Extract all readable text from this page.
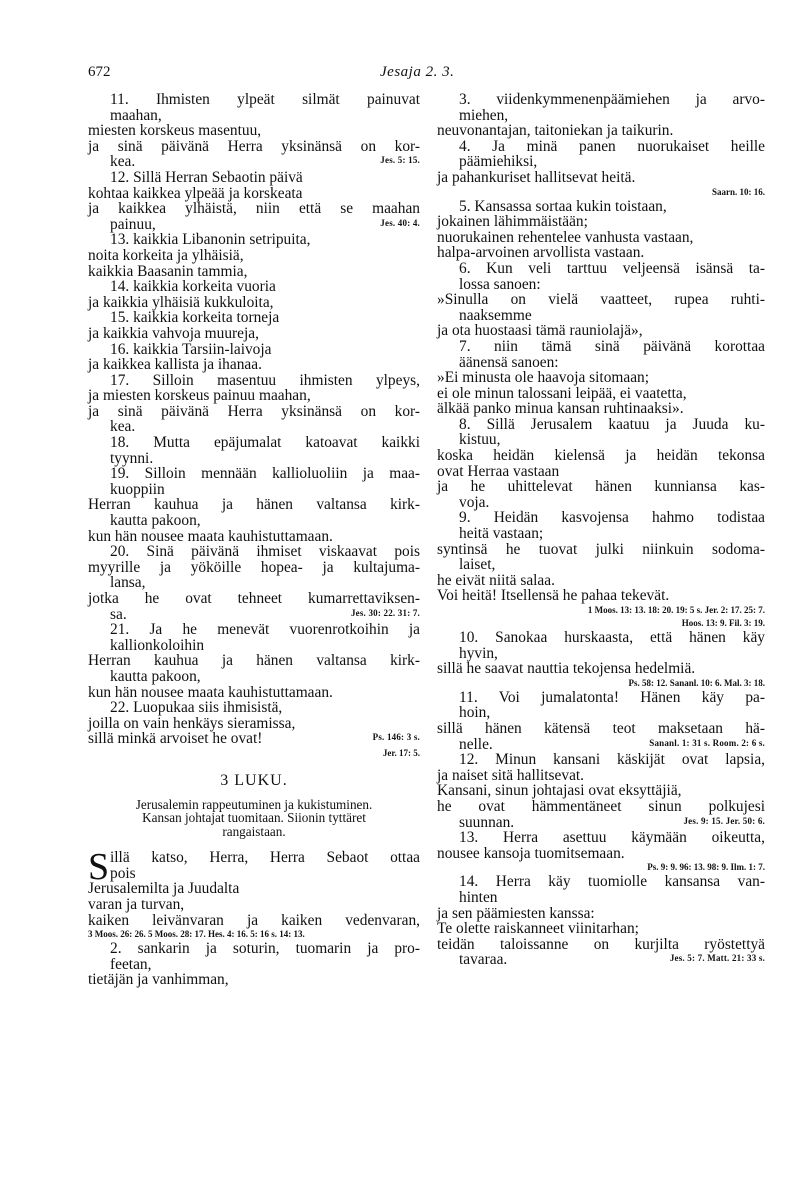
672	Jesaja 2. 3.
11. Ihmisten ylpeät silmät painuvat
maahan,
miesten korskeus masentuu,
ja sinä päivänä Herra yksinänsä on kor-
kea.	Jes. 5: 15.
12. Sillä Herran Sebaotin päivä
kohtaa kaikkea ylpeää ja korskeata
ja kaikkea ylhäistä, niin että se maahan
painuu,	Jes. 40: 4.
13. kaikkia Libanonin setripuita,
noita korkeita ja ylhäisiä,
kaikkia Baasanin tammia,
14. kaikkia korkeita vuoria
ja kaikkia ylhäisiä kukkuloita,
15. kaikkia korkeita torneja
ja kaikkia vahvoja muureja,
16. kaikkia Tarsiin-laivoja
ja kaikkea kallista ja ihanaa.
17. Silloin masentuu ihmisten ylpeys,
ja miesten korskeus painuu maahan,
ja sinä päivänä Herra yksinänsä on kor-
kea.
18. Mutta epäjumalat katoavat kaikki
tyynni.
19. Silloin mennään kallioluoliin ja maa-
kuoppiin
Herran kauhua ja hänen valtansa kirk-
kautta pakoon,
kun hän nousee maata kauhistuttamaan.
20. Sinä päivänä ihmiset viskaavat pois
myyrille ja yököille hopea- ja kultajuma-
lansa,
jotka he ovat tehneet kumarrettaviksen-
sa.	Jes. 30: 22. 31: 7.
21. Ja he menevät vuorenrotkoihin ja
kallionkoloihin
Herran kauhua ja hänen valtansa kirk-
kautta pakoon,
kun hän nousee maata kauhistuttamaan.
22. Luopukaa siis ihmisistä,
joilla on vain henkäys sieramissa,
sillä minkä arvoiset he ovat!	Ps. 146: 3 s.
Jer. 17: 5.
3 LUKU.
Jerusalemin rappeutuminen ja kukistuminen.
Kansan johtajat tuomitaan. Siionin tyttäret
rangaistaan.
S illä katso, Herra, Herra Sebaot ottaa
pois
Jerusalemilta ja Juudalta
varan ja turvan,
kaiken leivänvaran ja kaiken vedenvaran,
3 Moos. 26: 26. 5 Moos. 28: 17. Hes. 4: 16. 5: 16 s. 14: 13.
2. sankarin ja soturin, tuomarin ja pro-
feetan,
tietäjän ja vanhimman,
3. viidenkymmenenpäämiehen ja arvo-
miehen,
neuvonantajan, taitoniekan ja taikurin.
4. Ja minä panen nuorukaiset heille
päämiehiksi,
ja pahankuriset hallitsevat heitä.
Saarn. 10: 16.
5. Kansassa sortaa kukin toistaan,
jokainen lähimmäistään;
nuorukainen rehentelee vanhusta vastaan,
halpa-arvoinen arvollista vastaan.
6. Kun veli tarttuu veljeensä isänsä ta-
lossa sanoen:
»Sinulla on vielä vaatteet, rupea ruhti-
naaksemme
ja ota huostaasi tämä rauniolajä»,
7. niin tämä sinä päivänä korottaa
äänensä sanoen:
»Ei minusta ole haavoja sitomaan;
ei ole minun talossani leipää, ei vaatetta,
älkää panko minua kansan ruhtinaaksi».
8. Sillä Jerusalem kaatuu ja Juuda ku-
kistuu,
koska heidän kielensä ja heidän tekonsa
ovat Herraa vastaan
ja he uhittelevat hänen kunniansa kas-
voja.
9. Heidän kasvojensa hahmo todistaa
heitä vastaan;
syntinsä he tuovat julki niinkuin sodoma-
laiset,
he eivät niitä salaa.
Voi heitä! Itsellensä he pahaa tekevät.
1 Moos. 13: 13. 18: 20. 19: 5 s. Jer. 2: 17. 25: 7.
Hoos. 13: 9. Fil. 3: 19.
10. Sanokaa hurskaasta, että hänen käy
hyvin,
sillä he saavat nauttia tekojensa hedelmiä.
Ps. 58: 12. Sananl. 10: 6. Mal. 3: 18.
11. Voi jumalatonta! Hänen käy pa-
hoin,
sillä hänen kätensä teot maksetaan hä-
nelle.	Sananl. 1: 31 s. Room. 2: 6 s.
12. Minun kansani käskijät ovat lapsia,
ja naiset sitä hallitsevat.
Kansani, sinun johtajasi ovat eksyttäjiä,
he ovat hämmentäneet sinun polkujesi
suunnan.	Jes. 9: 15. Jer. 50: 6.
13. Herra asettuu käymään oikeutta,
nousee kansoja tuomitsemaan.
Ps. 9: 9. 96: 13. 98: 9. Ilm. 1: 7.
14. Herra käy tuomiolle kansansa van-
hinten
ja sen päämiesten kanssa:
Te olette raiskanneet viinitarhan;
teidän taloissanne on kurjilta ryöstettyä
tavaraa.	Jes. 5: 7. Matt. 21: 33 s.
